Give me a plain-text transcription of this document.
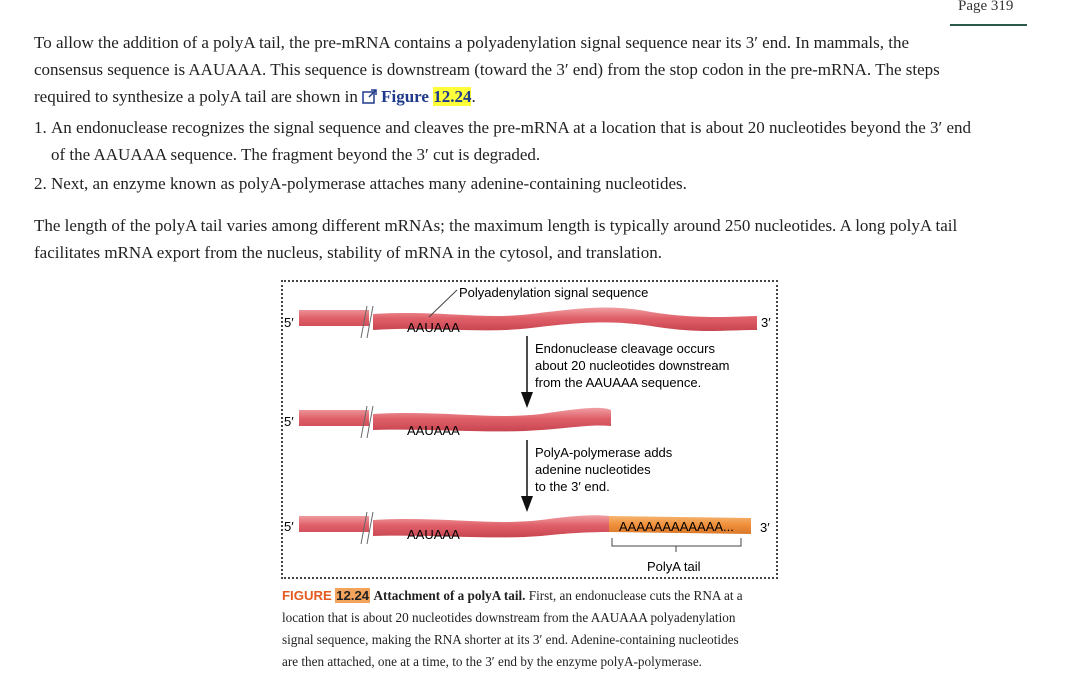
Page 319

To allow the addition of a polyA tail, the pre-mRNA contains a polyadenylation signal sequence near its 3′ end. In mammals, the
consensus sequence is AAUAAA. This sequence is downstream (toward the 3′ end) from the stop codon in the pre-mRNA. The steps
required to synthesize a polyA tail are shown in Figure 12.24.

1. An endonuclease recognizes the signal sequence and cleaves the pre-mRNA at a location that is about 20 nucleotides beyond the 3′ end
of the AAUAAA sequence. The fragment beyond the 3′ cut is degraded.
2. Next, an enzyme known as polyA-polymerase attaches many adenine-containing nucleotides.

The length of the polyA tail varies among different mRNAs; the maximum length is typically around 250 nucleotides. A long polyA tail
facilitates mRNA export from the nucleus, stability of mRNA in the cytosol, and translation.

5′	AAUAAA
Polyadenylation signal sequence
3′
Endonuclease cleavage occurs
about 20 nucleotides downstream
from the AAUAAA sequence.
5′
AAUAAA
PolyA-polymerase adds
adenine nucleotides
to the 3′ end.
5′
AAUAAA
AAAAAAAAAAAA... 3′
PolyA tail

FIGURE 12.24 Attachment of a polyA tail. First, an endonuclease cuts the RNA at a
location that is about 20 nucleotides downstream from the AAUAAA polyadenylation
signal sequence, making the RNA shorter at its 3′ end. Adenine-containing nucleotides
are then attached, one at a time, to the 3′ end by the enzyme polyA-polymerase.
